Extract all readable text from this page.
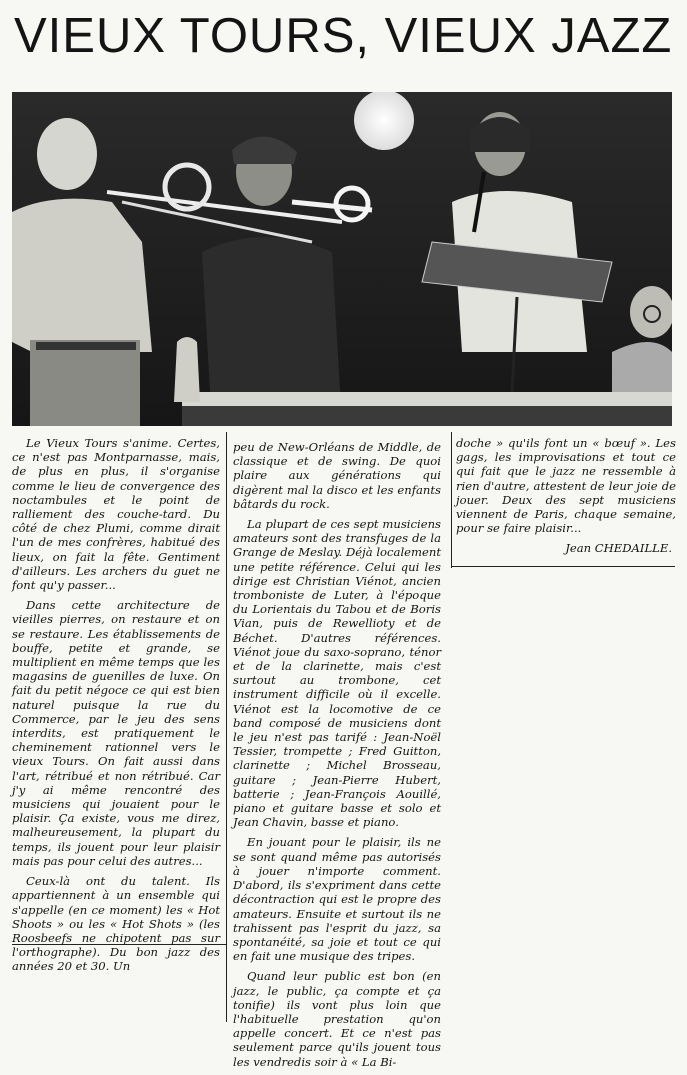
VIEUX TOURS, VIEUX JAZZ

Le Vieux Tours s'anime. Certes, ce n'est pas Montparnasse, mais, de plus en plus, il s'organise comme le lieu de convergence des noctambules et le point de ralliement des couche-tard. Du côté de chez Plumi, comme dirait l'un de mes confrères, habitué des lieux, on fait la fête. Gentiment d'ailleurs. Les archers du guet ne font qu'y passer...

Dans cette architecture de vieilles pierres, on restaure et on se restaure. Les établissements de bouffe, petite et grande, se multiplient en même temps que les magasins de guenilles de luxe. On fait du petit négoce ce qui est bien naturel puisque la rue du Commerce, par le jeu des sens interdits, est pratiquement le cheminement rationnel vers le vieux Tours. On fait aussi dans l'art, rétribué et non rétribué. Car j'y ai même rencontré des musiciens qui jouaient pour le plaisir. Ça existe, vous me direz, malheureusement, la plupart du temps, ils jouent pour leur plaisir mais pas pour celui des autres...

Ceux-là ont du talent. Ils appartiennent à un ensemble qui s'appelle (en ce moment) les « Hot Shoots » ou les « Hot Shots » (les Roosbeefs ne chipotent pas sur l'orthographe). Du bon jazz des années 20 et 30. Un

peu de New-Orléans de Middle, de classique et de swing. De quoi plaire aux générations qui digèrent mal la disco et les enfants bâtards du rock.

La plupart de ces sept musiciens amateurs sont des transfuges de la Grange de Meslay. Déjà localement une petite référence. Celui qui les dirige est Christian Viénot, ancien tromboniste de Luter, à l'époque du Lorientais du Tabou et de Boris Vian, puis de Rewellioty et de Béchet. D'autres références. Viénot joue du saxo-soprano, ténor et de la clarinette, mais c'est surtout au trombone, cet instrument difficile où il excelle. Viénot est la locomotive de ce band composé de musiciens dont le jeu n'est pas tarifé : Jean-Noël Tessier, trompette ; Fred Guitton, clarinette ; Michel Brosseau, guitare ; Jean-Pierre Hubert, batterie ; Jean-François Aouillé, piano et guitare basse et solo et Jean Chavin, basse et piano.

En jouant pour le plaisir, ils ne se sont quand même pas autorisés à jouer n'importe comment. D'abord, ils s'expriment dans cette décontraction qui est le propre des amateurs. Ensuite et surtout ils ne trahissent pas l'esprit du jazz, sa spontanéité, sa joie et tout ce qui en fait une musique des tripes.

Quand leur public est bon (en jazz, le public, ça compte et ça tonifie) ils vont plus loin que l'habituelle prestation qu'on appelle concert. Et ce n'est pas seulement parce qu'ils jouent tous les vendredis soir à « La Bi-

doche » qu'ils font un « bœuf ». Les gags, les improvisations et tout ce qui fait que le jazz ne ressemble à rien d'autre, attestent de leur joie de jouer. Deux des sept musiciens viennent de Paris, chaque semaine, pour se faire plaisir...

Jean CHEDAILLE.
